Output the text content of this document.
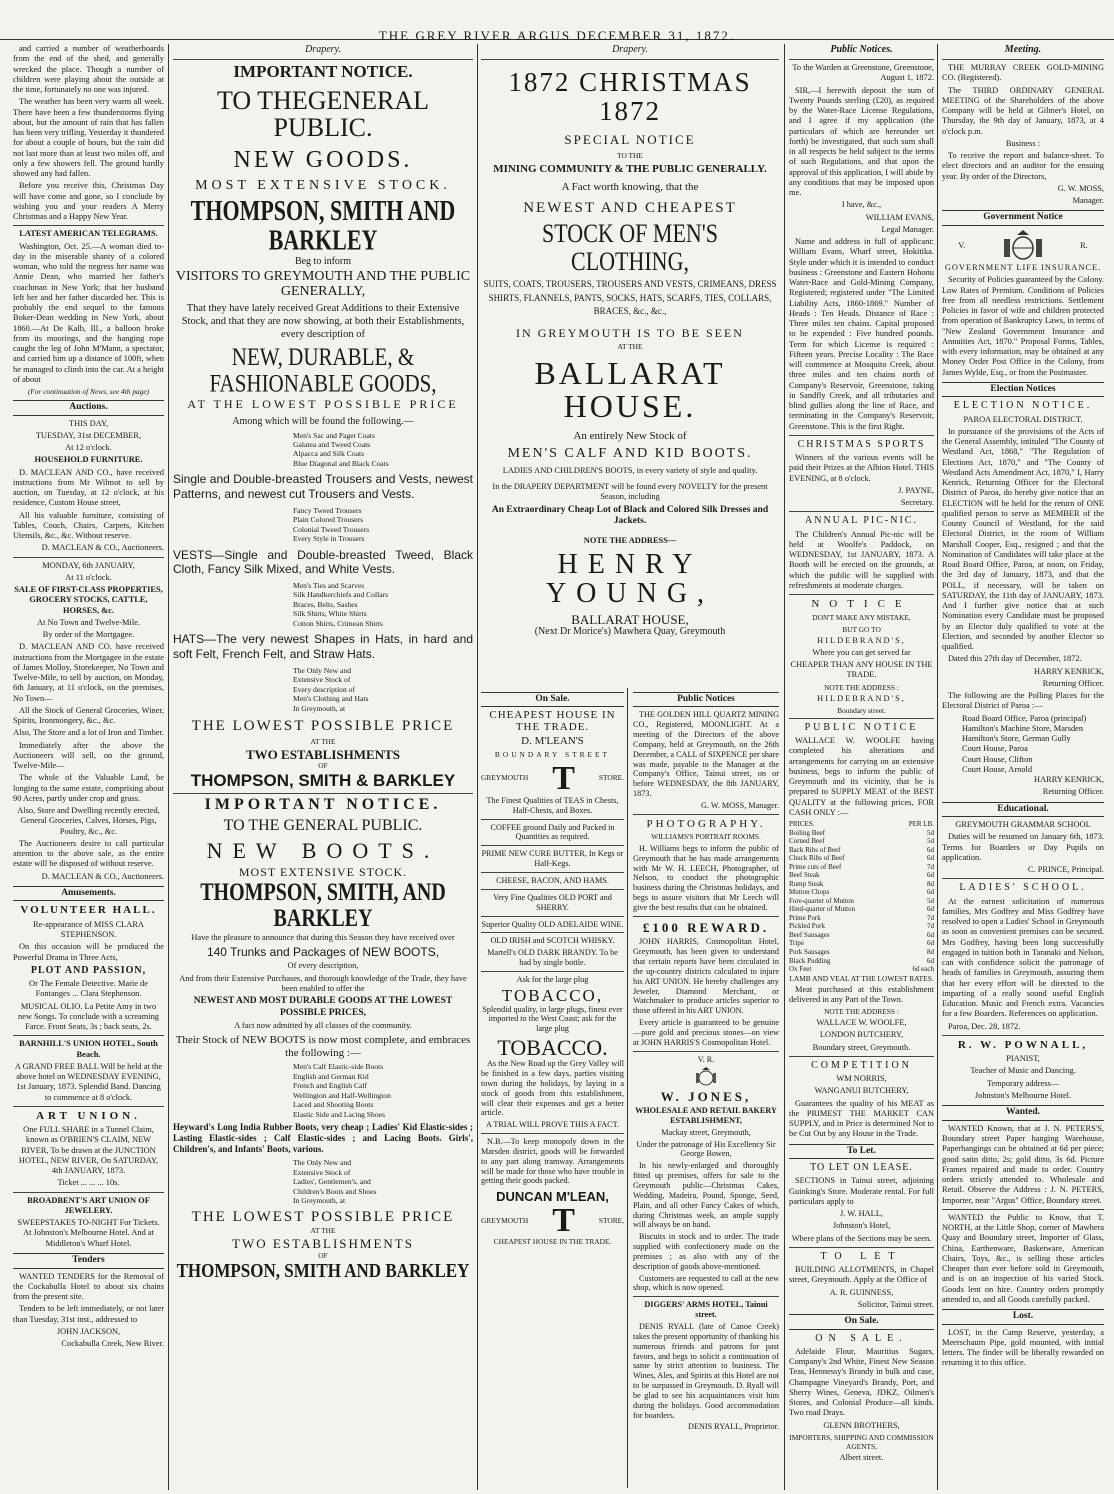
THE GREY RIVER ARGUS DECEMBER 31, 1872.

and carried a number of weatherboards from the end of the shed, and generally wrecked the place. Though a number of children were playing about the outside at the time, fortunately no one was injured.

The weather has been very warm all week. There have been a few thunderstorms flying about, but the amount of rain that has fallen has been very trifling. Yesterday it thundered for about a couple of hours, but the rain did not last more than at least two miles off, and only a few showers fell. The ground hardly showed any had fallen.

Before you receive this, Christmas Day will have come and gone, so I conclude by wishing you and your readers A Merry Christmas and a Happy New Year.

LATEST AMERICAN TELEGRAMS.

Washington, Oct. 25.—A woman died to-day in the miserable shanty of a colored woman, who told the negress her name was Annie Dean, who married her father's coachman in New York; that her husband left her and her father discarded her. This is probably the end sequel to the famous Boker-Dean wedding in New York, about 1860.—At De Kalb, Ill., a balloon broke from its moorings, and the hanging rope caught the leg of John M'Mann, a spectator, and carried him up a distance of 100ft, when he managed to climb into the car. At a height of about

(For continuation of News, see 4th page)

Auctions.

THIS DAY,

TUESDAY, 31st DECEMBER,

At 12 o'clock.

HOUSEHOLD FURNITURE.

D. MACLEAN AND CO., have received instructions from Mr Wilmot to sell by auction, on Tuesday, at 12 o'clock, at his residence, Custom House street,

All his valuable furniture, consisting of Tables, Couch, Chairs, Carpets, Kitchen Utensils, &c., &c. Without reserve.

D. MACLEAN & CO., Auctioneers.

MONDAY, 6th JANUARY,

At 11 o'clock.

SALE OF FIRST-CLASS PROPERTIES, GROCERY STOCKS, CATTLE, HORSES, &c.

At No Town and Twelve-Mile.

By order of the Mortgagee.

D. MACLEAN AND CO. have received instructions from the Mortgagee in the estate of James Molloy, Storekeeper, No Town and Twelve-Mile, to sell by auction, on Monday, 6th January, at 11 o'clock, on the premises, No Town—

All the Stock of General Groceries, Winer, Spirits, Ironmongery, &c., &c.

Also, The Store and a lot of Iron and Timber.

Immediately after the above the Auctioneers will sell, on the ground, Twelve-Mile—

The whole of the Valuable Land, be longing to the same estate, comprising about 90 Acres, partly under crop and grass.

Also, Store and Dwelling recently erected, General Groceries, Calves, Horses, Pigs, Poultry, &c., &c.

The Auctioneers desire to call particular attention to the above sale, as the entire estate will be disposed of without reserve.

D. MACLEAN & CO., Auctioneers.

Amusements.

VOLUNTEER HALL.

Re-appearance of MISS CLARA STEPHENSON.

On this occasion will be produced the Powerful Drama in Three Acts,

PLOT AND PASSION,

Or The Female Detective. Marie de Fontanges ... Clara Stephenson.

MUSICAL OLIO. La Petite Amy in two new Songs. To conclude with a screaming Farce. Front Seats, 3s ; back seats, 2s.

BARNHILL'S UNION HOTEL, South Beach.

A GRAND FREE BALL Will be held at the above hotel on WEDNESDAY EVENING, 1st January, 1873. Splendid Band. Dancing to commence at 8 o'clock.

ART UNION.

One FULL SHARE in a Tunnel Claim, known as O'BRIEN'S CLAIM, NEW RIVER, To be drawn at the JUNCTION HOTEL, NEW RIVER, On SATURDAY, 4th JANUARY, 1873.

Ticket ... ... ... 10s.

BROADBENT'S ART UNION OF JEWELERY.

SWEEPSTAKES TO-NIGHT For Tickets. At Johnston's Melbourne Hotel. And at Middleton's Wharf Hotel.

Tenders

WANTED TENDERS for the Removal of the Cockabulla Hotel to about six chains from the present site.

Tenders to be left immediately, or not later than Tuesday, 31st inst., addressed to

JOHN JACKSON,

Cockabulla Creek, New River.

Drapery.
IMPORTANT NOTICE.
TO THEGENERAL PUBLIC.
NEW GOODS.
MOST EXTENSIVE STOCK.
THOMPSON, SMITH AND BARKLEY

Beg to inform

VISITORS TO GREYMOUTH AND THE PUBLIC GENERALLY,

That they have lately received Great Additions to their Extensive Stock, and that they are now showing, at both their Establishments, every description of

NEW, DURABLE, & FASHIONABLE GOODS,
AT THE LOWEST POSSIBLE PRICE

Among which will be found the following.—

Men's Sac and Paget Coats
Galatea and Tweed Coats
Alpacca and Silk Coats
Blue Diagonal and Black Coats

Single and Double-breasted Trousers and Vests, newest Patterns, and newest cut Trousers and Vests.

Fancy Tweed Trousers
Plain Colored Trousers
Colonial Tweed Trousers
Every Style in Trousers

VESTS—Single and Double-breasted Tweed, Black Cloth, Fancy Silk Mixed, and White Vests.

Men's Ties and Scarves
Silk Handkerchiefs and Collars
Braces, Belts, Sashes
Silk Shirts, White Shirts
Cotton Shirts, Crimean Shirts

HATS—The very newest Shapes in Hats, in hard and soft Felt, French Felt, and Straw Hats.

The Only New and
Extensive Stock of
Every description of
Men's Clothing and Hats
In Greymouth, at
THE LOWEST POSSIBLE PRICE

AT THE

TWO ESTABLISHMENTS

OF

THOMPSON, SMITH & BARKLEY
IMPORTANT NOTICE.
TO THE GENERAL PUBLIC.
NEW BOOTS.
MOST EXTENSIVE STOCK.
THOMPSON, SMITH, AND BARKLEY

Have the pleasure to announce that during this Season they have received over

140 Trunks and Packages of NEW BOOTS,

Of every description,

And from their Extensive Purchases, and thorough knowledge of the Trade, they have been enabled to offer the

NEWEST AND MOST DURABLE GOODS AT THE LOWEST POSSIBLE PRICES,

A fact now admitted by all classes of the community.

Their Stock of NEW BOOTS is now most complete, and embraces the following :—

Men's Calf Elastic-side Boots
English and German Kid
French and English Calf
Wellington and Half-Wellington
Laced and Shooting Boots
Elastic Side and Lacing Shoes

Heyward's Long India Rubber Boots, very cheap ; Ladies' Kid Elastic-sides ; Lasting Elastic-sides ; Calf Elastic-sides ; and Lacing Boots. Girls', Children's, and Infants' Boots, various.

The Only New and
Extensive Stock of
Ladies', Gentlemen's, and
Children's Boots and Shoes
In Greymouth, at
THE LOWEST POSSIBLE PRICE

AT THE

TWO ESTABLISHMENTS

OF

THOMPSON, SMITH AND BARKLEY
Drapery.
1872 CHRISTMAS 1872
SPECIAL NOTICE

TO THE

MINING COMMUNITY & THE PUBLIC GENERALLY.

A Fact worth knowing, that the

NEWEST AND CHEAPEST
STOCK OF MEN'S CLOTHING,

SUITS, COATS, TROUSERS, TROUSERS AND VESTS, CRIMEANS, DRESS SHIRTS, FLANNELS, PANTS, SOCKS, HATS, SCARFS, TIES, COLLARS, BRACES, &c., &c.,

IN GREYMOUTH IS TO BE SEEN

AT THE

BALLARAT HOUSE.

An entirely New Stock of

MEN'S CALF AND KID BOOTS.

LADIES AND CHILDREN'S BOOTS, in every variety of style and quality.

In the DRAPERY DEPARTMENT will be found every NOVELTY for the present Season, including

An Extraordinary Cheap Lot of Black and Colored Silk Dresses and Jackets.

NOTE THE ADDRESS—

HENRY YOUNG,
BALLARAT HOUSE,

(Next Dr Morice's) Mawhera Quay, Greymouth

On Sale.
CHEAPEST HOUSE IN THE TRADE.
D. M'LEAN'S

BOUNDARY STREET

GREYMOUTH T	STORE.

The Finest Qualities of TEAS in Chests, Half-Chests, and Boxes.

COFFEE ground Daily and Packed in Quantities as required.

PRIME NEW CURE BUTTER, In Kegs or Half-Kegs.

CHEESE, BACON, AND HAMS.

Very Fine Qualities OLD PORT and SHERRY.

Superior Quality OLD ADELAIDE WINE.

OLD IRISH and SCOTCH WHISKY.

Martell's OLD DARK BRANDY. To be had by single bottle.

Ask for the large plug

TOBACCO,

Splendid quality, in large plugs, finest ever imported to the West Coast; ask for the large plug

TOBACCO.

As the New Road up the Grey Valley will be finished in a few days, parties visiting town during the holidays, by laying in a stock of goods from this establishment, will clear their expenses and get a better article.

A TRIAL WILL PROVE THIS A FACT.

N.B.—To keep monopoly down in the Marsden district, goods will be forwarded to any part along tramway. Arrangements will be made for those who have trouble in getting their goods packed.

DUNCAN M'LEAN,
GREYMOUTH T	STORE,

CHEAPEST HOUSE IN THE TRADE.

Public Notices

THE GOLDEN HILL QUARTZ MINING CO., Registered, MOONLIGHT. At a meeting of the Directors of the above Company, held at Greymouth, on the 26th December, a CALL of SIXPENCE per share was made, payable to the Manager at the Company's Office, Tainui street, on or before WEDNESDAY, the 8th JANUARY, 1873.

G. W. MOSS, Manager.

PHOTOGRAPHY.

WILLIAMS'S PORTRAIT ROOMS.

H. Williams begs to inform the public of Greymouth that he has made arrangements with Mr W. H. LEECH, Photographer, of Nelson, to conduct the photographic business during the Christmas holidays, and begs to assure visitors that Mr Leech will give the best results that can be obtained.

£100 REWARD.

JOHN HARRIS, Cosmopolitan Hotel, Greymouth, has been given to understand that certain reports have been circulated in the up-country districts calculated to injure his ART UNION. He hereby challenges any Jeweler, Diamond Merchant, or Watchmaker to produce articles superior to those offered in his ART UNION.

Every article is guaranteed to be genuine—pure gold and precious stones—on view at JOHN HARRIS'S Cosmopolitan Hotel.

V. R.

W. JONES,

WHOLESALE AND RETAIL BAKERY ESTABLISHMENT,

Mackay street, Greymouth,

Under the patronage of His Excellency Sir George Bowen,

In his newly-enlarged and thoroughly fitted up premises, offers for sale to the Greymouth public—Christmas Cakes, Wedding, Madeira, Pound, Sponge, Seed, Plain, and all other Fancy Cakes of which, during Christmas week, an ample supply will always be on hand.

Biscuits in stock and to order. The trade supplied with confectionery made on the premises ; as also with any of the description of goods above-mentioned.

Customers are requested to call at the new shop, which is now opened.

DIGGERS' ARMS HOTEL, Tainui street.

DENIS RYALL (late of Canoe Creek) takes the present opportunity of thanking his numerous friends and patrons for past favors, and begs to solicit a continuation of same by strict attention to business. The Wines, Ales, and Spirits at this Hotel are not to be surpassed in Greymouth. D. Ryall will be glad to see his acquaintances visit him during the holidays. Good accommodation for boarders.

DENIS RYALL, Proprietor.

Public Notices.

To the Warden at Greenstone, Greenstone, August 1, 1872.

SIR,—I herewith deposit the sum of Twenty Pounds sterling (£20), as required by the Water-Race License Regulations, and I agree if my application (the particulars of which are hereunder set forth) be investigated, that such sum shall in all respects be held subject to the terms of such Regulations, and that upon the approval of this application, I will abide by any conditions that may be imposed upon me.

I have, &c.,

WILLIAM EVANS,

Legal Manager.

Name and address in full of applicant: William Evans, Wharf street, Hokitika. Style under which it is intended to conduct business : Greenstone and Eastern Hohonu Water-Race and Gold-Mining Company, Registered; registered under "The Limited Liability Acts, 1860-1869." Number of Heads : Ten Heads. Distance of Race : Three miles ten chains. Capital proposed to be expended : Five hundred pounds. Term for which License is required : Fifteen years. Precise Locality : The Race will commence at Mosquito Creek, about three miles and ten chains north of Company's Reservoir, Greenstone, taking in Sandfly Creek, and all tributaries and blind gullies along the line of Race, and terminating in the Company's Reservoir, Greenstone. This is the first Right.

CHRISTMAS SPORTS

Winners of the various events will be paid their Prizes at the Albion Hotel. THIS EVENING, at 8 o'clock.

J. PAYNE,

Secretary.

ANNUAL PIC-NIC.

The Children's Annual Pic-nic will be held at Woolfe's Paddock, on WEDNESDAY, 1st JANUARY, 1873. A Booth will be erected on the grounds, at which the public will be supplied with refreshments at moderate charges.

NOTICE

DON'T MAKE ANY MISTAKE,

BUT GO TO

HILDEBRAND'S,

Where you can get served far

CHEAPER THAN ANY HOUSE IN THE TRADE.

NOTE THE ADDRESS :

HILDEBRAND'S,

Boundary street.

PUBLIC NOTICE

WALLACE W. WOOLFE having completed his alterations and arrangements for carrying on an extensive business, begs to inform the public of Greymouth and its vicinity, that he is prepared to SUPPLY MEAT of the BEST QUALITY at the following prices, FOR CASH ONLY :—

PRICES.	PER LB.
Boiling Beef	5d
Corned Beef	5d
Back Ribs of Beef	6d
Chuck Ribs of Beef	6d
Prime cuts of Beef	7d
Beef Steak	6d
Rump Steak	8d
Mutton Chops	6d
Fore-quarter of Mutton	5d
Hind-quarter of Mutton	6d
Prime Pork	7d
Pickled Pork	7d
Beef Sausages	6d
Tripe	6d
Pork Sausages	8d
Black Pudding	6d
Ox Feet	6d each

LAMB AND VEAL AT THE LOWEST RATES.

Meat purchased at this establishment delivered in any Part of the Town.

NOTE THE ADDRESS :

WALLACE W. WOOLFE,

LONDON BUTCHERY,

Boundary street, Greymouth.

COMPETITION

WM NORRIS,

WANGANUI BUTCHERY,

Guarantees the quality of his MEAT as the PRIMEST THE MARKET CAN SUPPLY, and in Price is determined Not to be Cut Out by any House in the Trade.

To Let.

TO LET ON LEASE.

SECTIONS in Tainui street, adjoining Guinking's Store. Moderate rental. For full particulars apply to

J. W. HALL,

Johnston's Hotel,

Where plans of the Sections may be seen.

TO LET

BUILDING ALLOTMENTS, in Chapel street, Greymouth. Apply at the Office of

A. R. GUINNESS,

Solicitor, Tainui street.

On Sale.

ON SALE.

Adelaide Flour, Mauritius Sugars, Company's 2nd White, Finest New Season Teas, Hennessy's Brandy in bulk and case, Champagne Vineyard's Brandy, Port, and Sherry Wines, Geneva, JDKZ, Oilmen's Stores, and Colonial Produce—all kinds. Two road Drays.

GLENN BROTHERS,

IMPORTERS, SHIPPING AND COMMISSION AGENTS,

Albert street.

Meeting.

THE MURRAY CREEK GOLD-MINING CO. (Registered).

The THIRD ORDINARY GENERAL MEETING of the Shareholders of the above Company will be held at Gilmer's Hotel, on Thursday, the 9th day of January, 1873, at 4 o'clock p.m.

Business :

To receive the report and balance-sheet. To elect directors and an auditor for the ensuing year. By order of the Directors,

G. W. MOSS,

Manager.

Government Notice
V.	R.

GOVERNMENT LIFE INSURANCE.

Security of Policies guaranteed by the Colony. Low Rates of Premium. Conditions of Policies free from all needless restrictions. Settlement Policies in favor of wife and children protected from operation of Bankruptcy Laws, in terms of "New Zealand Government Insurance and Annuities Act, 1870." Proposal Forms, Tables, with every information, may be obtained at any Money Order Post Office in the Colony, from James Wylde, Esq., or from the Postmaster.

Election Notices

ELECTION NOTICE.

PAROA ELECTORAL DISTRICT.

In pursuance of the provisions of the Acts of the General Assembly, intituled "The County of Westland Act, 1868," "The Regulation of Elections Act, 1870," and "The County of Westland Acts Amendment Act, 1870," I, Harry Kenrick, Returning Officer for the Electoral District of Paroa, do hereby give notice that an ELECTION will be held for the return of ONE qualified person to serve as MEMBER of the County Council of Westland, for the said Electoral District, in the room of William Marshall Cooper, Esq., resigned ; and that the Nomination of Candidates will take place at the Road Board Office, Paroa, at noon, on Friday, the 3rd day of January, 1873, and that the POLL, if necessary, will be taken on SATURDAY, the 11th day of JANUARY, 1873. And I further give notice that at such Nomination every Candidate must be proposed by an Elector duly qualified to vote at the Election, and seconded by another Elector so qualified.

Dated this 27th day of December, 1872.

HARRY KENRICK,

Returning Officer.

The following are the Polling Places for the Electoral District of Paroa :—

Road Board Office, Paroa (principal)
Hamilton's Machine Store, Marsden
Hamilton's Store, German Gully
Court House, Paroa
Court House, Clifton
Court House, Arnold

HARRY KENRICK,

Returning Officer.

Educational.

GREYMOUTH GRAMMAR SCHOOL

Duties will be resumed on January 6th, 1873. Terms for Boarders or Day Pupils on application.

C. PRINCE, Principal.

LADIES' SCHOOL.

At the earnest solicitation of numerous families, Mrs Godfrey and Miss Godfrey have resolved to open a Ladies' School in Greymouth as soon as convenient premises can be secured. Mrs Godfrey, having been long successfully engaged in tuition both in Taranaki and Nelson, can with confidence solicit the patronage of heads of families in Greymouth, assuring them that her every effort will be directed to the imparting of a really sound useful English Education. Music and French extra. Vacancies for a few Boarders. References on application.

Paroa, Dec. 28, 1872.

R. W. POWNALL,

PIANIST,

Teacher of Music and Dancing.

Temporary address—

Johnston's Melbourne Hotel.

Wanted.

WANTED Known, that at J. N. PETERS'S, Boundary street Paper hanging Warehouse, Paperhangings can be obtained at 6d per piece; good satin ditto, 2s; gold ditto, 3s 6d. Picture Frames repaired and made to order. Country orders strictly attended to. Wholesale and Retail. Observe the Address : J. N. PETERS, Importer, near "Argus" Office, Boundary street.

WANTED the Public to Know, that T. NORTH, at the Little Shop, corner of Mawhera Quay and Boundary street, Importer of Glass, China, Earthenware, Basketware, American Chairs, Toys, &c., is selling those articles Cheaper than ever before sold in Greymouth, and is on an inspection of his varied Stock. Goods lent on hire. Country orders promptly attended to, and all Goods carefully packed.

Lost.

LOST, in the Camp Reserve, yesterday, a Meerschaum Pipe, gold mounted, with initial letters. The finder will be liberally rewarded on returning it to this office.
